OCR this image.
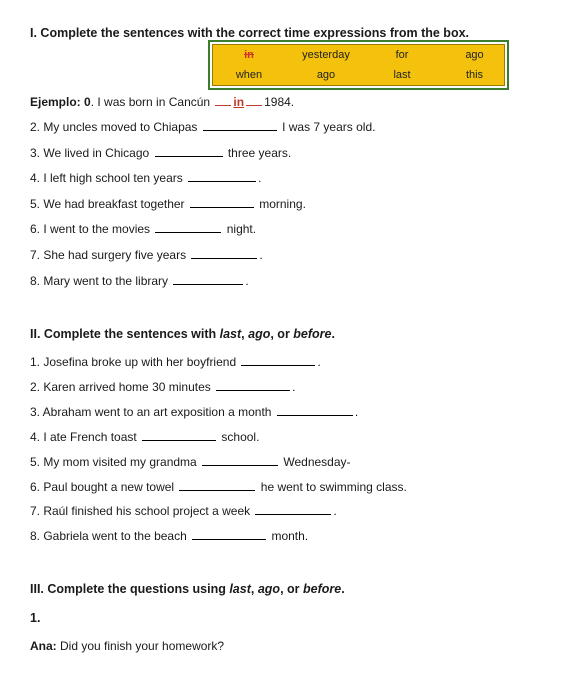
I. Complete the sentences with the correct time expressions from the box.
in	yesterday	for	ago
when	ago	last	this
Ejemplo: 0. I was born in Cancún in 1984.
2. My uncles moved to Chiapas	I was 7 years old.
3. We lived in Chicago	three years.
4. I left high school ten years	.
5. We had breakfast together	morning.
6. I went to the movies	night.
7. She had surgery five years	.
8. Mary went to the library	.
II. Complete the sentences with last, ago, or before.
1. Josefina broke up with her boyfriend	.
2. Karen arrived home 30 minutes	.
3. Abraham went to an art exposition a month	.
4. I ate French toast	school.
5. My mom visited my grandma	Wednesday-
6. Paul bought a new towel	he went to swimming class.
7. Raúl finished his school project a week	.
8. Gabriela went to the beach	month.
III. Complete the questions using last, ago, or before.
1.
Ana: Did you finish your homework?
